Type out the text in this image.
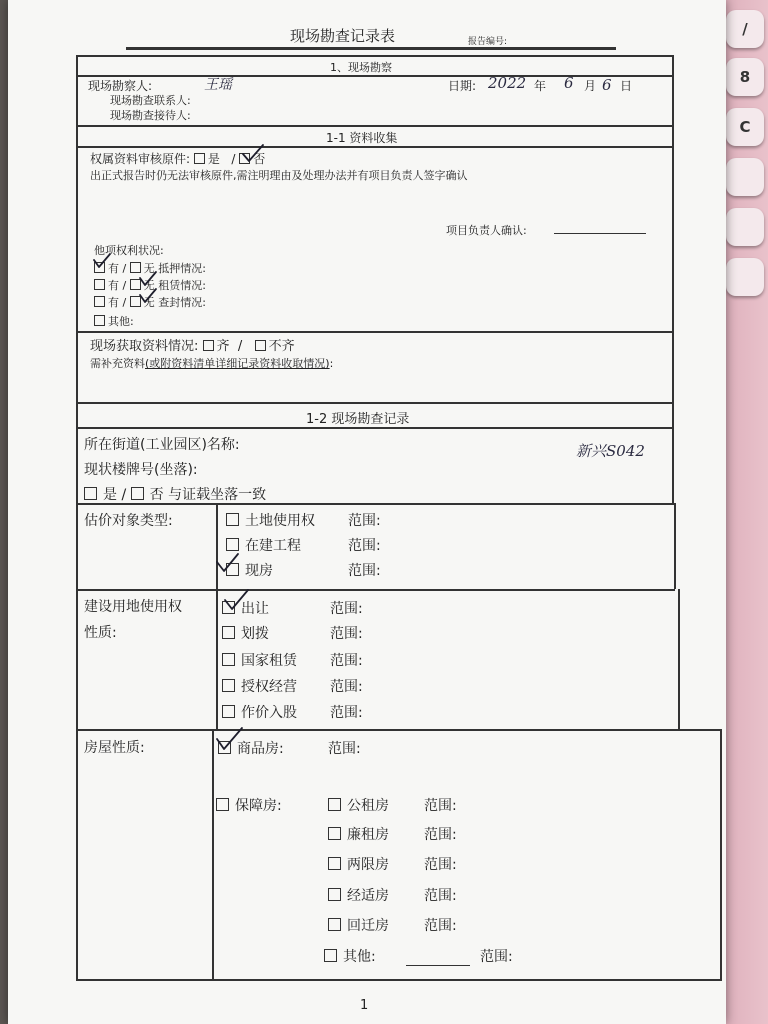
/
8
C
现场勘查记录表	报告编号:
1、现场勘察
现场勘察人:	王瑶	日期: 2022 年 6 月 6 日
现场勘查联系人:
现场勘查接待人:
1-1 资料收集
权属资料审核原件: 是 / 否
出正式报告时仍无法审核原件,需注明理由及处理办法并有项目负责人签字确认
项目负责人确认:
他项权利状况:
有 / 无 抵押情况:
有 / 无 租赁情况:
有 / 无 查封情况:
其他:
现场获取资料情况: 齐 / 不齐
需补充资料(或附资料清单详细记录资料收取情况):
1-2 现场勘查记录
所在街道(工业园区)名称:
现状楼牌号(坐落):
新兴S042
是 / 否 与证载坐落一致
估价对象类型:	土地使用权 范围:
在建工程	范围:
现房	范围:
建设用地使用权
性质:
出让	范围:
划拨	范围:
国家租赁 范围:
授权经营 范围:
作价入股 范围:
房屋性质:	商品房:	范围:
保障房:	公租房	范围:
廉租房	范围:
两限房	范围:
经适房	范围:
回迁房	范围:
其他:	范围:
1
